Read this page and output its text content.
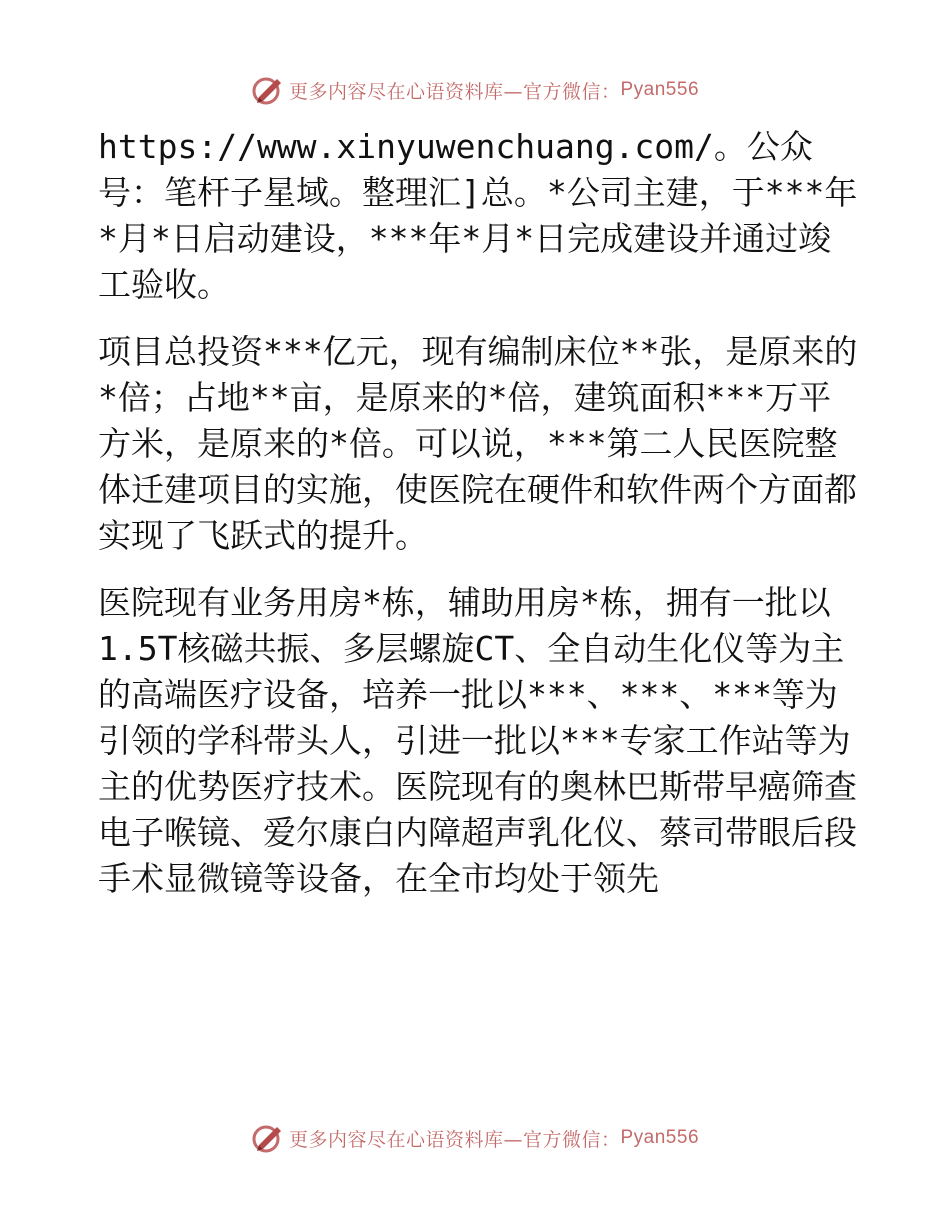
更多内容尽在心语资料库—官方微信： Pyan556

https://www.xinyuwenchuang.com/。公众号：笔杆子星域。整理汇]总。*公司主建，于***年*月*日启动建设，***年*月*日完成建设并通过竣工验收。

项目总投资***亿元，现有编制床位**张，是原来的*倍；占地**亩，是原来的*倍，建筑面积***万平方米，是原来的*倍。可以说，***第二人民医院整体迁建项目的实施，使医院在硬件和软件两个方面都实现了飞跃式的提升。

医院现有业务用房*栋，辅助用房*栋，拥有一批以1.5T核磁共振、多层螺旋CT、全自动生化仪等为主的高端医疗设备，培养一批以***、***、***等为引领的学科带头人，引进一批以***专家工作站等为主的优势医疗技术。医院现有的奥林巴斯带早癌筛查电子喉镜、爱尔康白内障超声乳化仪、蔡司带眼后段手术显微镜等设备，在全市均处于领先

更多内容尽在心语资料库—官方微信： Pyan556
